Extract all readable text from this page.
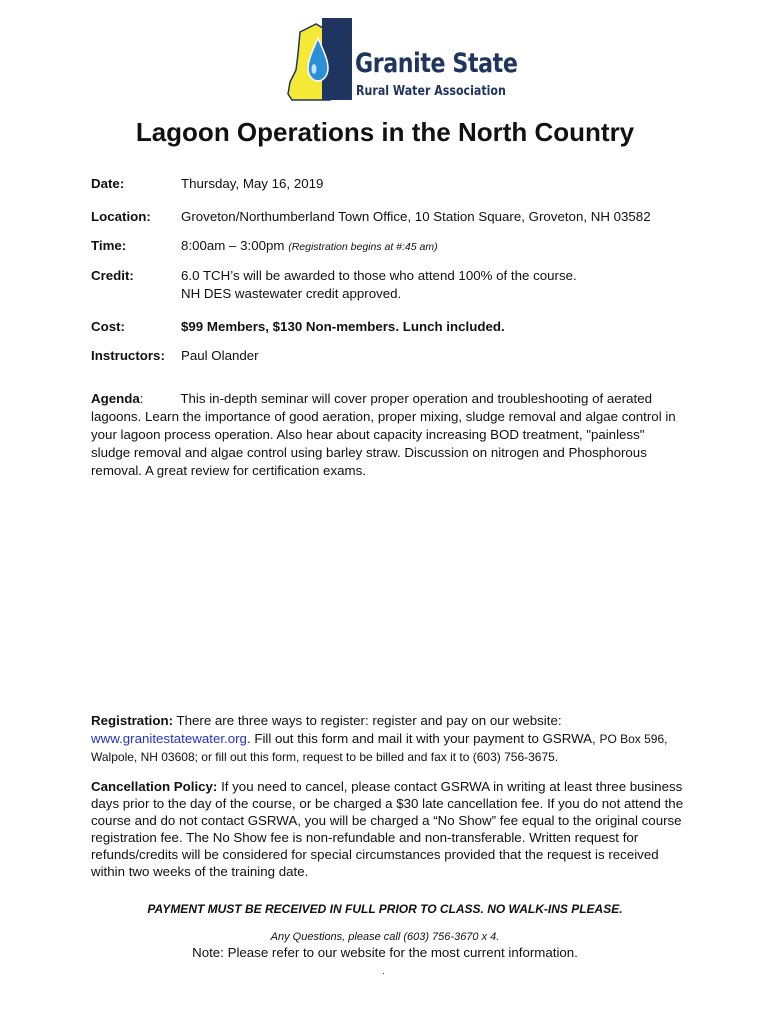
Granite State
Rural Water Association
Lagoon Operations in the North Country
Date:	Thursday, May 16, 2019
Location: Groveton/Northumberland Town Office, 10 Station Square, Groveton, NH 03582
Time:	8:00am – 3:00pm (Registration begins at #:45 am)
Credit:	6.0 TCH’s will be awarded to those who attend 100% of the course.
NH DES wastewater credit approved.
Cost:	$99 Members, $130 Non-members. Lunch included.
Instructors: Paul Olander
Agenda:          This in-depth seminar will cover proper operation and troubleshooting of aerated lagoons. Learn the importance of good aeration, proper mixing, sludge removal and algae control in your lagoon process operation. Also hear about capacity increasing BOD treatment, "painless" sludge removal and algae control using barley straw. Discussion on nitrogen and Phosphorous removal. A great review for certification exams.
Registration: There are three ways to register: register and pay on our website:
www.granitestatewater.org. Fill out this form and mail it with your payment to GSRWA, PO Box 596,
Walpole, NH 03608; or fill out this form, request to be billed and fax it to (603) 756-3675.
Cancellation Policy: If you need to cancel, please contact GSRWA in writing at least three business days prior to the day of the course, or be charged a $30 late cancellation fee. If you do not attend the course and do not contact GSRWA, you will be charged a “No Show” fee equal to the original course registration fee. The No Show fee is non-refundable and non-transferable. Written request for refunds/credits will be considered for special circumstances provided that the request is received within two weeks of the training date.
PAYMENT MUST BE RECEIVED IN FULL PRIOR TO CLASS. NO WALK-INS PLEASE.
Any Questions, please call (603) 756-3670 x 4.
Note: Please refer to our website for the most current information.
.
